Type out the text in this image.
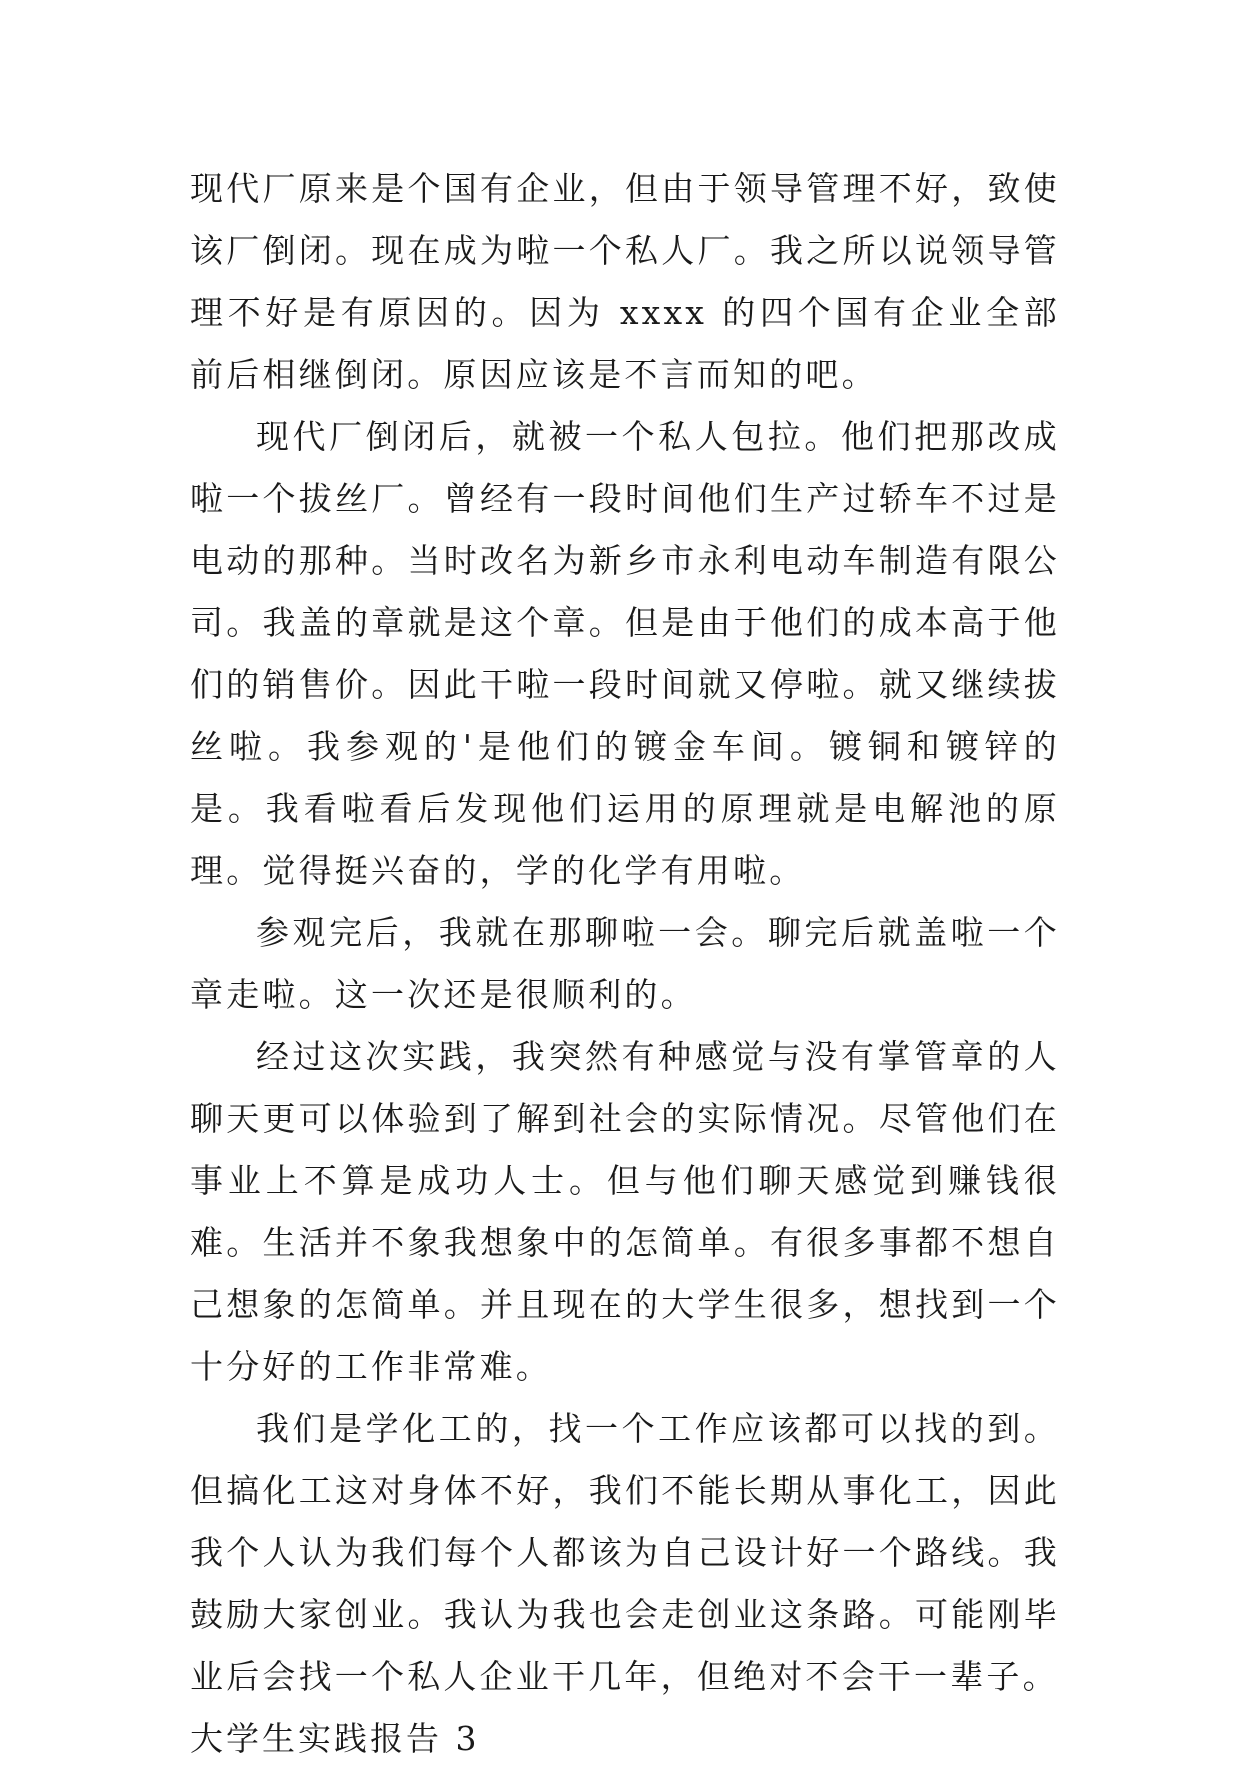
现代厂原来是个国有企业，但由于领导管理不好，致使该厂倒闭。现在成为啦一个私人厂。我之所以说领导管理不好是有原因的。因为 xxxx 的四个国有企业全部前后相继倒闭。原因应该是不言而知的吧。

现代厂倒闭后，就被一个私人包拉。他们把那改成啦一个拔丝厂。曾经有一段时间他们生产过轿车不过是电动的那种。当时改名为新乡市永利电动车制造有限公司。我盖的章就是这个章。但是由于他们的成本高于他们的销售价。因此干啦一段时间就又停啦。就又继续拔丝啦。我参观的'是他们的镀金车间。镀铜和镀锌的是。我看啦看后发现他们运用的原理就是电解池的原理。觉得挺兴奋的，学的化学有用啦。

参观完后，我就在那聊啦一会。聊完后就盖啦一个章走啦。这一次还是很顺利的。

经过这次实践，我突然有种感觉与没有掌管章的人聊天更可以体验到了解到社会的实际情况。尽管他们在事业上不算是成功人士。但与他们聊天感觉到赚钱很难。生活并不象我想象中的怎简单。有很多事都不想自己想象的怎简单。并且现在的大学生很多，想找到一个十分好的工作非常难。

我们是学化工的，找一个工作应该都可以找的到。但搞化工这对身体不好，我们不能长期从事化工，因此我个人认为我们每个人都该为自己设计好一个路线。我鼓励大家创业。我认为我也会走创业这条路。可能刚毕业后会找一个私人企业干几年，但绝对不会干一辈子。

大学生实践报告 3
